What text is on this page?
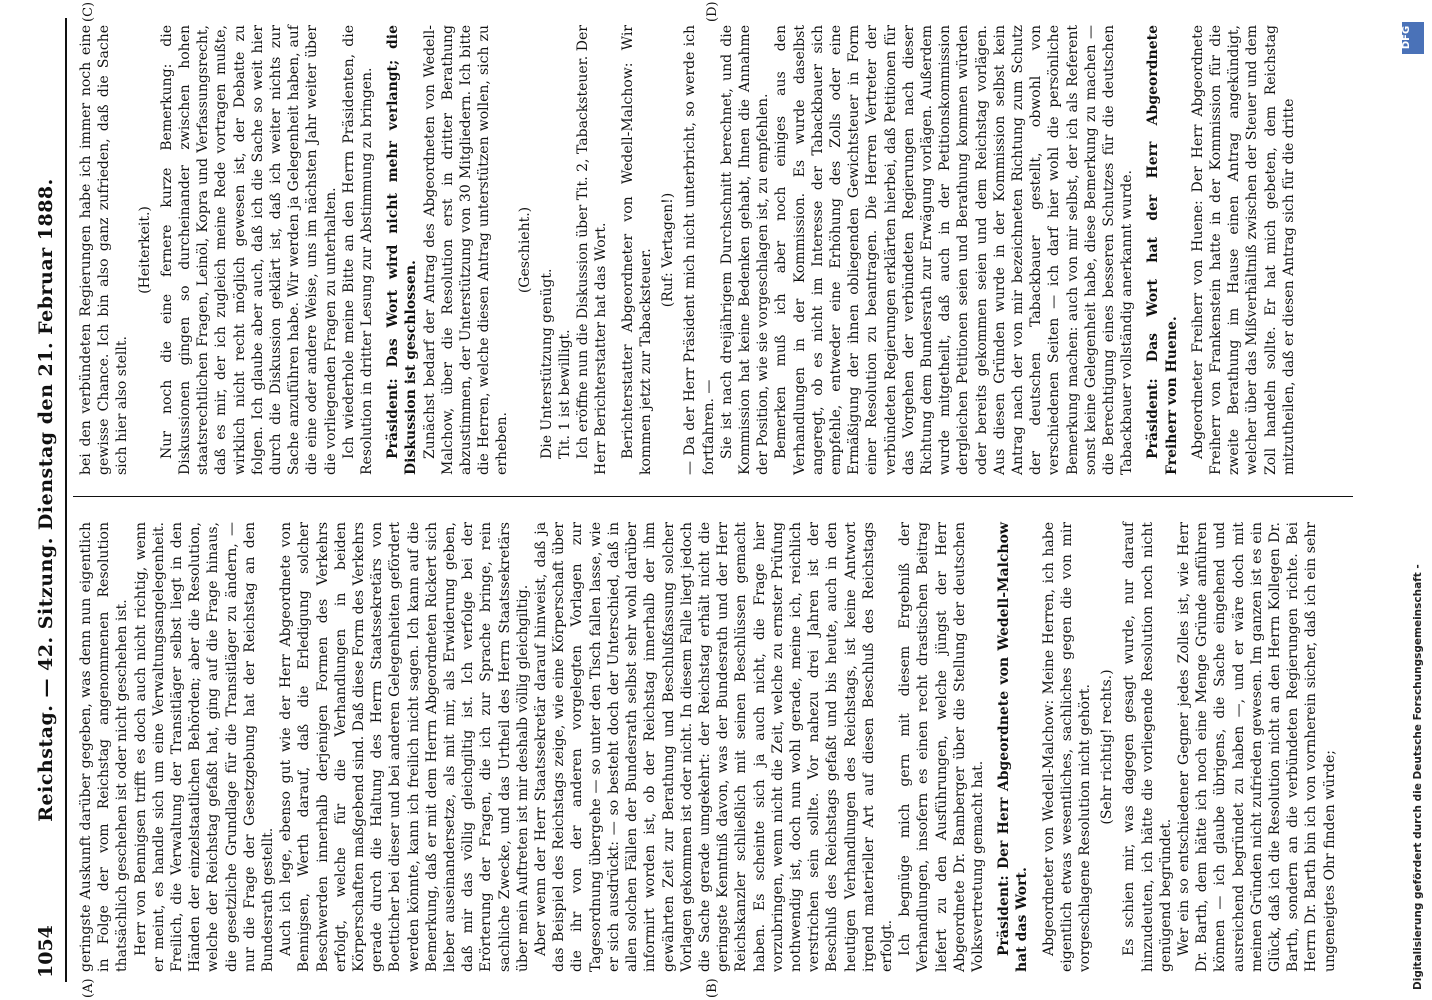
1054
Reichstag. — 42. Sitzung. Dienstag den 21. Februar 1888.
(A)	(B)
(C)	(D)

geringste Auskunft darüber gegeben, was denn nun eigentlich in Folge der vom Reichstag angenommenen Resolution thatsächlich geschehen ist oder nicht geschehen ist. Herr von Bennigsen trifft es doch auch nicht richtig, wenn er meint, es handle sich um eine Verwaltungsangelegenheit. Freilich, die Verwaltung der Transitläger selbst liegt in den Händen der einzelstaatlichen Behörden; aber die Resolution, welche der Reichstag gefaßt hat, ging auf die Frage hinaus, die gesetzliche Grundlage für die Transitläger zu ändern, — nur die Frage der Gesetzgebung hat der Reichstag an den Bundesrath gestellt. Auch ich lege, ebenso gut wie der Herr Abgeordnete von Bennigsen, Werth darauf, daß die Erledigung solcher Beschwerden innerhalb derjenigen Formen des Verkehrs erfolgt, welche für die Verhandlungen in beiden Körperschaften maßgebend sind. Daß diese Form des Verkehrs gerade durch die Haltung des Herrn Staatssekretärs von Boetticher bei dieser und bei anderen Gelegenheiten gefördert werden könnte, kann ich freilich nicht sagen. Ich kann auf die Bemerkung, daß er mit dem Herrn Abgeordneten Rickert sich lieber auseinandersetze, als mit mir, als Erwiderung geben, daß mir das völlig gleichgiltig ist. Ich verfolge bei der Erörterung der Fragen, die ich zur Sprache bringe, rein sachliche Zwecke, und das Urtheil des Herrn Staatssekretärs über mein Auftreten ist mir deshalb völlig gleichgiltig. Aber wenn der Herr Staatssekretär darauf hinweist, daß ja das Beispiel des Reichstags zeige, wie eine Körperschaft über die ihr von der anderen vorgelegten Vorlagen zur Tagesordnung übergehe — so unter den Tisch fallen lasse, wie er sich ausdrückt: — so besteht doch der Unterschied, daß in allen solchen Fällen der Bundesrath selbst sehr wohl darüber informirt worden ist, ob der Reichstag innerhalb der ihm gewährten Zeit zur Berathung und Beschlußfassung solcher Vorlagen gekommen ist oder nicht. In diesem Falle liegt jedoch die Sache gerade umgekehrt: der Reichstag erhält nicht die geringste Kenntniß davon, was der Bundesrath und der Herr Reichskanzler schließlich mit seinen Beschlüssen gemacht haben. Es scheinte sich ja auch nicht, die Frage hier vorzubringen, wenn nicht die Zeit, welche zu ernster Prüfung nothwendig ist, doch nun wohl gerade, meine ich, reichlich verstrichen sein sollte. Vor nahezu drei Jahren ist der Beschluß des Reichstags gefaßt und bis heute, auch in den heutigen Verhandlungen des Reichstags, ist keine Antwort irgend materieller Art auf diesen Beschluß des Reichstags erfolgt. Ich begnüge mich gern mit diesem Ergebniß der Verhandlungen, insofern es einen recht drastischen Beitrag liefert zu den Ausführungen, welche jüngst der Herr Abgeordnete Dr. Bamberger über die Stellung der deutschen Volksvertretung gemacht hat. Präsident: Der Herr Abgeordnete von Wedell-Malchow hat das Wort. Abgeordneter von Wedell-Malchow: Meine Herren, ich habe eigentlich etwas wesentliches, sachliches gegen die von mir vorgeschlagene Resolution nicht gehört. (Sehr richtig! rechts.) Es schien mir, was dagegen gesagt wurde, nur darauf hinzudeuten, ich hätte die vorliegende Resolution noch nicht genügend begründet. Wer ein so entschiedener Gegner jedes Zolles ist, wie Herr Dr. Barth, dem hätte ich noch eine Menge Gründe anführen können — ich glaube übrigens, die Sache eingehend und ausreichend begründet zu haben —, und er wäre doch mit meinen Gründen nicht zufrieden gewesen. Im ganzen ist es ein Glück, daß ich die Resolution nicht an den Herrn Kollegen Dr. Barth, sondern an die verbündeten Regierungen richte. Bei Herrn Dr. Barth bin ich von vornherein sicher, daß ich ein sehr ungeneigtes Ohr finden würde;

bei den verbündeten Regierungen habe ich immer noch eine gewisse Chance. Ich bin also ganz zufrieden, daß die Sache sich hier also stellt.

(Heiterkeit.) Nur noch die eine fernere kurze Bemerkung: die Diskussionen gingen so durcheinander zwischen hohen staatsrechtlichen Fragen, Leinöl, Kopra und Verfassungsrecht, daß es mir, der ich zugleich meine Rede vortragen mußte, wirklich nicht recht möglich gewesen ist, der Debatte zu folgen. Ich glaube aber auch, daß ich die Sache so weit hier durch die Diskussion geklärt ist, daß ich weiter nichts zur Sache anzuführen habe. Wir werden ja Gelegenheit haben, auf die eine oder andere Weise, uns im nächsten Jahr weiter über die vorliegenden Fragen zu unterhalten. Ich wiederhole meine Bitte an den Herrn Präsidenten, die Resolution in dritter Lesung zur Abstimmung zu bringen. Präsident: Das Wort wird nicht mehr verlangt; die Diskussion ist geschlossen. Zunächst bedarf der Antrag des Abgeordneten von Wedell-Malchow, über die Resolution erst in dritter Berathung abzustimmen, der Unterstützung von 30 Mitgliedern. Ich bitte die Herren, welche diesen Antrag unterstützen wollen, sich zu erheben.

(Geschieht.)

Die Unterstützung genügt. Tit. 1 ist bewilligt. Ich eröffne nun die Diskussion über Tit. 2, Tabacksteuer. Der Herr Berichterstatter hat das Wort. Berichterstatter Abgeordneter von Wedell-Malchow: Wir kommen jetzt zur Tabacksteuer. (Ruf: Vertagen!) — Da der Herr Präsident mich nicht unterbricht, so werde ich fortfahren. — Sie ist nach dreijährigem Durchschnitt berechnet, und die Kommission hat keine Bedenken gehabt, Ihnen die Annahme der Position, wie sie vorgeschlagen ist, zu empfehlen. Bemerken muß ich aber noch einiges aus den Verhandlungen in der Kommission. Es wurde daselbst angeregt, ob es nicht im Interesse der Tabackbauer sich empfehle, entweder eine Erhöhung des Zolls oder eine Ermäßigung der ihnen obliegenden Gewichtsteuer in Form einer Resolution zu beantragen. Die Herren Vertreter der verbündeten Regierungen erklärten hierbei, daß Petitionen für das Vorgehen der verbündeten Regierungen nach dieser Richtung dem Bundesrath zur Erwägung vorlägen. Außerdem wurde mitgetheilt, daß auch in der Petitionskommission dergleichen Petitionen seien und Berathung kommen würden oder bereits gekommen seien und dem Reichstag vorlägen. Aus diesen Gründen wurde in der Kommission selbst kein Antrag nach der von mir bezeichneten Richtung zum Schutz der deutschen Tabackbauer gestellt, obwohl von verschiedenen Seiten — ich darf hier wohl die persönliche Bemerkung machen: auch von mir selbst, der ich als Referent sonst keine Gelegenheit habe, diese Bemerkung zu machen — die Berechtigung eines besseren Schutzes für die deutschen Tabackbauer vollständig anerkannt wurde. Präsident: Das Wort hat der Herr Abgeordnete Freiherr von Huene. Abgeordneter Freiherr von Huene: Der Herr Abgeordnete Freiherr von Frankenstein hatte in der Kommission für die zweite Berathung im Hause einen Antrag angekündigt, welcher über das Mißverhältniß zwischen der Steuer und dem Zoll handeln sollte. Er hat mich gebeten, dem Reichstag mitzutheilen, daß er diesen Antrag sich für die dritte

DFG
Digitalisierung gefördert durch die Deutsche Forschungsgemeinschaft -
